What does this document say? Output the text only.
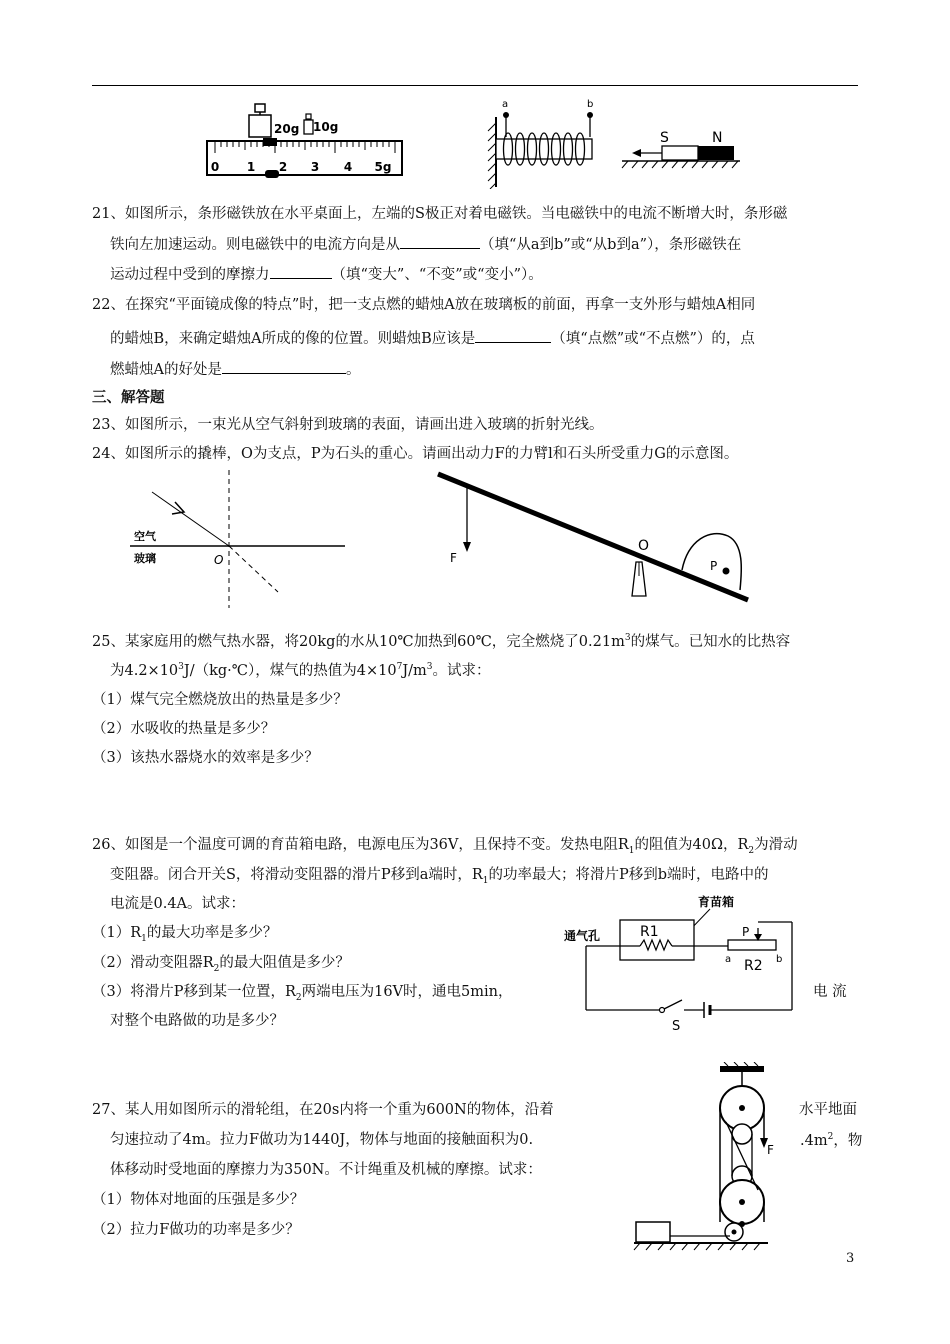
20g 10g
0 1 2 3 4 5g
a	b
S	N
21、如图所示，条形磁铁放在水平桌面上，左端的S极正对着电磁铁。当电磁铁中的电流不断增大时，条形磁
铁向左加速运动。则电磁铁中的电流方向是从	（填“从a到b”或“从b到a”），条形磁铁在
运动过程中受到的摩擦力	（填“变大”、“不变”或“变小”）。
22、在探究“平面镜成像的特点”时，把一支点燃的蜡烛A放在玻璃板的前面，再拿一支外形与蜡烛A相同
的蜡烛B，来确定蜡烛A所成的像的位置。则蜡烛B应该是	（填“点燃”或“不点燃”）的，点
燃蜡烛A的好处是	。
三、解答题
23、如图所示，一束光从空气斜射到玻璃的表面，请画出进入玻璃的折射光线。
24、如图所示的撬棒，O为支点，P为石头的重心。请画出动力F的力臂l和石头所受重力G的示意图。
空气
玻璃	O	F
O
P
25、某家庭用的燃气热水器，将20kg的水从10℃加热到60℃，完全燃烧了$0.21m^3$的煤气。已知水的比热容
为$4.2\times 10^3J/(kg\cdot℃)$，煤气的热值为$4\times 10^7J/m^3$。试求：
（1）煤气完全燃烧放出的热量是多少？
（2）水吸收的热量是多少？
（3）该热水器烧水的效率是多少？
26、如图是一个温度可调的育苗箱电路，电源电压为36V，且保持不变。发热电阻$R_1$的阻值为40Ω，$R_2$为滑动
变阻器。闭合开关S，将滑动变阻器的滑片P移到a端时，$R_1$的功率最大；将滑片P移到b端时，电路中的
电流是0.4A。试求：
$(1)R_1$的最大功率是多少？
（2）滑动变阻器$R_2$的最大阻值是多少？
（3）将滑片P移到某一位置，$R_2$两端电压为16V时，通电5min，	电 流
对整个电路做的功是多少？
育苗箱
R1
通气孔	P
a	b
R2
S
27、某人用如图所示的滑轮组，在20s内将一个重为600N的物体，沿着	水平地面
匀速拉动了4m。拉力F做功为1440J，物体与地面的接触面积为0.	$.4m^2$，物
体移动时受地面的摩擦力为350N。不计绳重及机械的摩擦。试求：
（1）物体对地面的压强是多少？
（2）拉力F做功的功率是多少？
F
3
